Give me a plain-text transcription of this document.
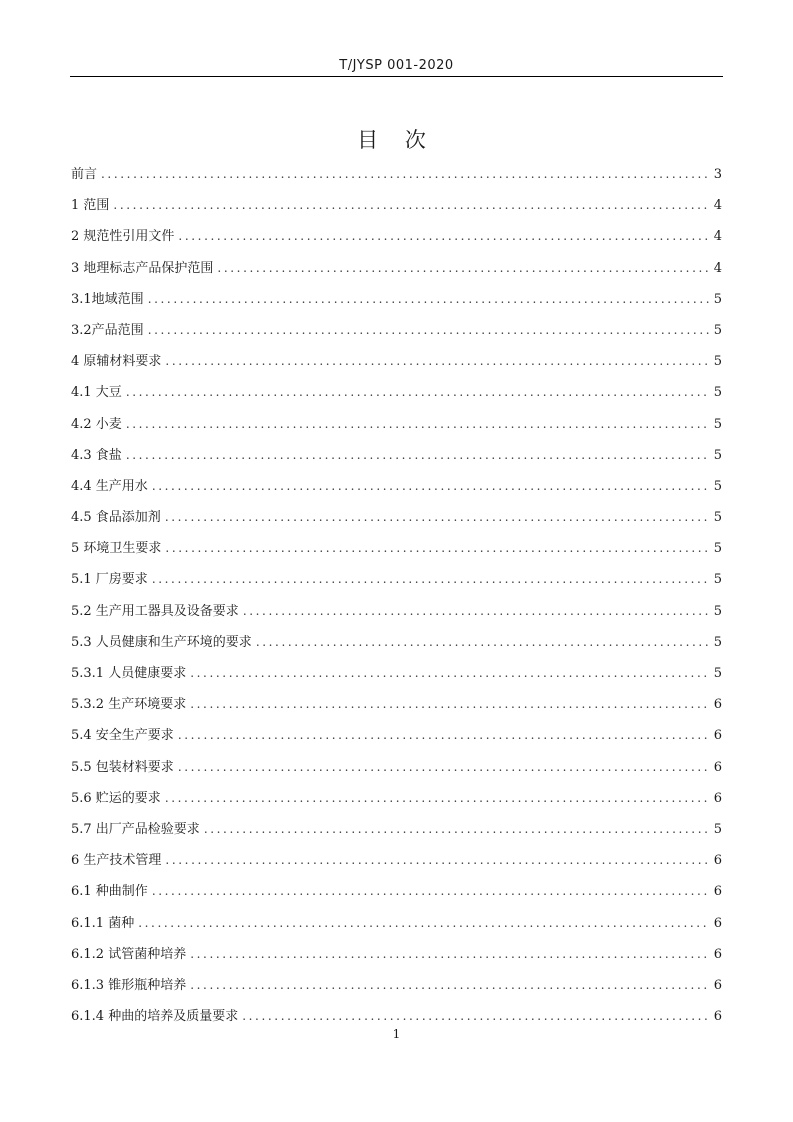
T/JYSP 001-2020
目 次
前言 .....	3
1 范围 .....	4
2 规范性引用文件 .....	4
3 地理标志产品保护范围 .....	4
3.1地域范围 .....	5
3.2产品范围 .....	5
4 原辅材料要求 .....	5
4.1 大豆 .....	5
4.2 小麦 .....	5
4.3 食盐 .....	5
4.4 生产用水 .....	5
4.5 食品添加剂 .....	5
5 环境卫生要求 .....	5
5.1 厂房要求 .....	5
5.2 生产用工器具及设备要求 .....	5
5.3 人员健康和生产环境的要求 .....	5
5.3.1 人员健康要求 .....	5
5.3.2 生产环境要求 .....	6
5.4 安全生产要求 .....	6
5.5 包装材料要求 .....	6
5.6 贮运的要求 .....	6
5.7 出厂产品检验要求 .....	5
6 生产技术管理 .....	6
6.1 种曲制作 .....	6
6.1.1 菌种 .....	6
6.1.2 试管菌种培养 .....	6
6.1.3 锥形瓶种培养 .....	6
6.1.4 种曲的培养及质量要求 .....	6
1
